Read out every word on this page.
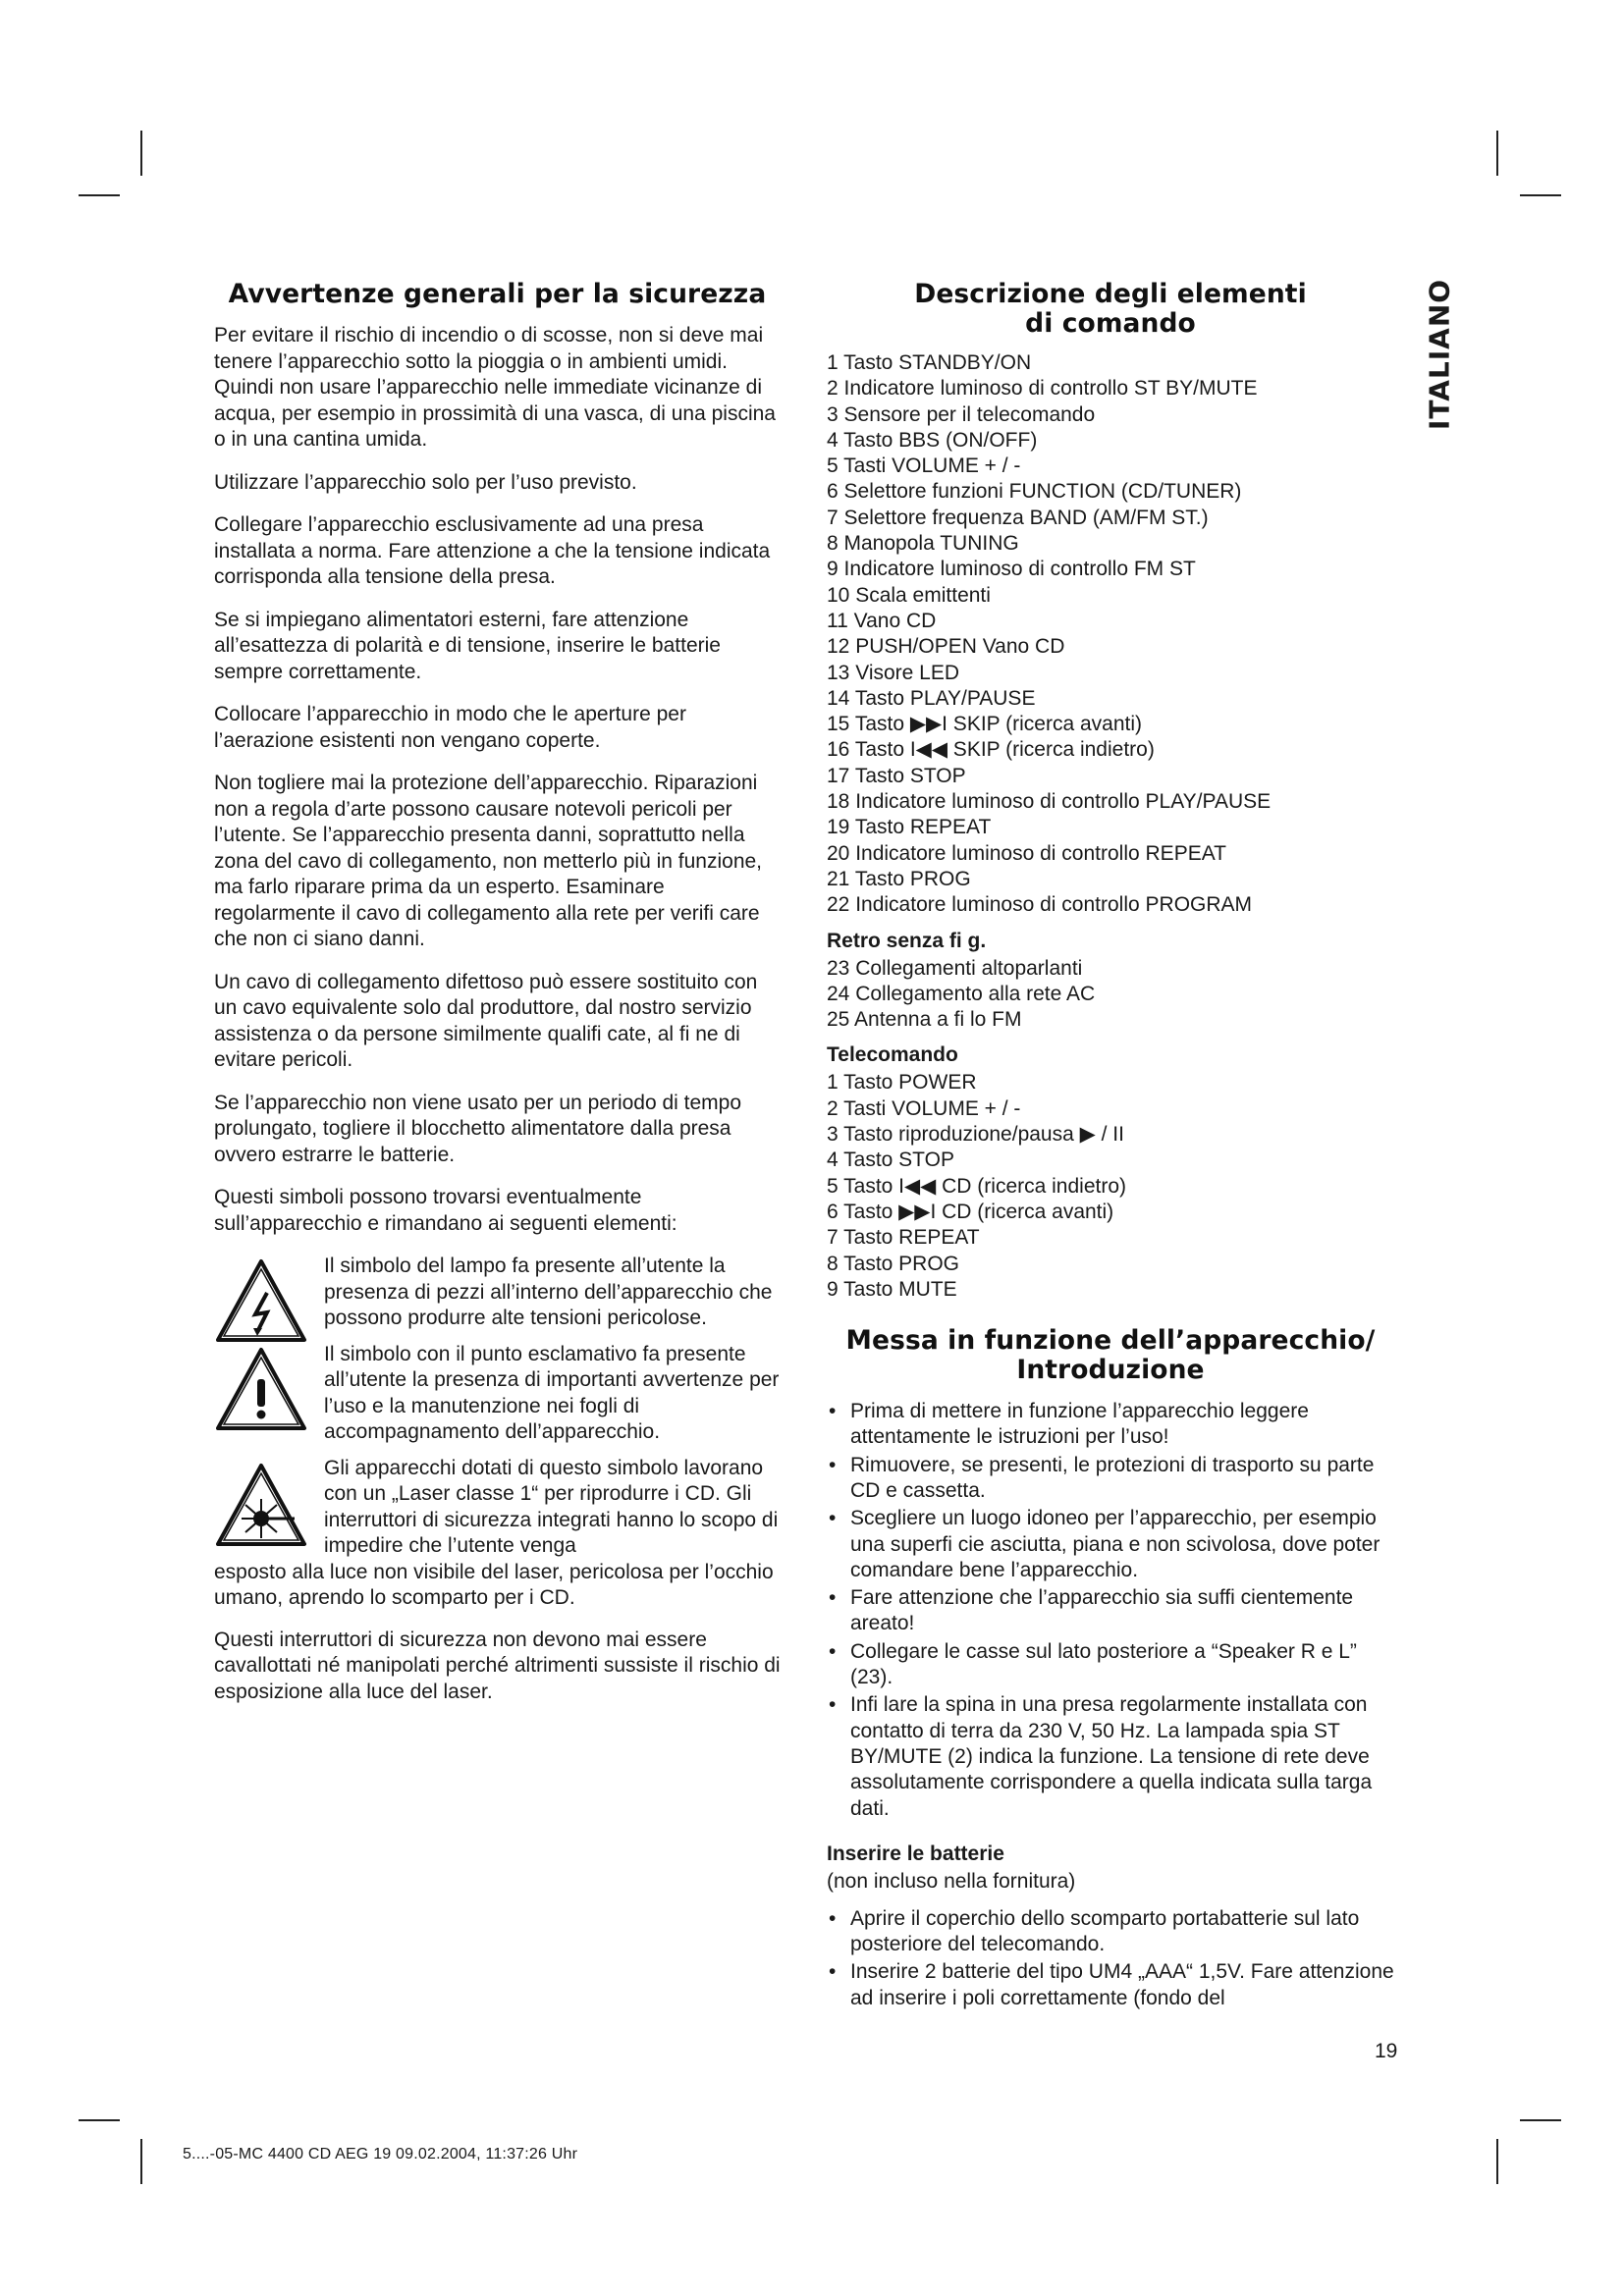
Avvertenze generali per la sicurezza

Per evitare il rischio di incendio o di scosse, non si deve mai tenere l’apparecchio sotto la pioggia o in ambienti umidi. Quindi non usare l’apparecchio nelle immediate vicinanze di acqua, per esempio in prossimità di una vasca, di una piscina o in una cantina umida.

Utilizzare l’apparecchio solo per l’uso previsto.

Collegare l’apparecchio esclusivamente ad una presa installata a norma. Fare attenzione a che la tensione indicata corrisponda alla tensione della presa.

Se si impiegano alimentatori esterni, fare attenzione all’esattezza di polarità e di tensione, inserire le batterie sempre correttamente.

Collocare l’apparecchio in modo che le aperture per l’aerazione esistenti non vengano coperte.

Non togliere mai la protezione dell’apparecchio. Riparazioni non a regola d’arte possono causare notevoli pericoli per l’utente. Se l’apparecchio presenta danni, soprattutto nella zona del cavo di collegamento, non metterlo più in funzione, ma farlo riparare prima da un esperto. Esaminare regolarmente il cavo di collegamento alla rete per verifi care che non ci siano danni.

Un cavo di collegamento difettoso può essere sostituito con un cavo equivalente solo dal produttore, dal nostro servizio assistenza o da persone similmente qualifi cate, al fi ne di evitare pericoli.

Se l’apparecchio non viene usato per un periodo di tempo prolungato, togliere il blocchetto alimentatore dalla presa ovvero estrarre le batterie.

Questi simboli possono trovarsi eventualmente sull’apparecchio e rimandano ai seguenti elementi:

Il simbolo del lampo fa presente all’utente la presenza di pezzi all’interno dell’apparecchio che possono produrre alte tensioni pericolose.
Il simbolo con il punto esclamativo fa presente all’utente la presenza di importanti avvertenze per l’uso e la manutenzione nei fogli di accompagnamento dell’apparecchio.
Gli apparecchi dotati di questo simbolo lavorano con un „Laser classe 1“ per riprodurre i CD. Gli interruttori di sicurezza integrati hanno lo scopo di impedire che l’utente venga
esposto alla luce non visibile del laser, pericolosa per l’occhio umano, aprendo lo scomparto per i CD.

Questi interruttori di sicurezza non devono mai essere cavallottati né manipolati perché altrimenti sussiste il rischio di esposizione alla luce del laser.

Descrizione degli elementi
di comando
1 Tasto STANDBY/ON
2 Indicatore luminoso di controllo ST BY/MUTE
3 Sensore per il telecomando
4 Tasto BBS (ON/OFF)
5 Tasti VOLUME + / -
6 Selettore funzioni FUNCTION (CD/TUNER)
7 Selettore frequenza BAND (AM/FM ST.)
8 Manopola TUNING
9 Indicatore luminoso di controllo FM ST
10 Scala emittenti
11 Vano CD
12 PUSH/OPEN Vano CD
13 Visore LED
14 Tasto PLAY/PAUSE
15 Tasto ▶▶I SKIP (ricerca avanti)
16 Tasto I◀◀ SKIP (ricerca indietro)
17 Tasto STOP
18 Indicatore luminoso di controllo PLAY/PAUSE
19 Tasto REPEAT
20 Indicatore luminoso di controllo REPEAT
21 Tasto PROG
22 Indicatore luminoso di controllo PROGRAM
Retro senza fi g.
23 Collegamenti altoparlanti
24 Collegamento alla rete AC
25 Antenna a fi lo FM
Telecomando
1 Tasto POWER
2 Tasti VOLUME + / -
3 Tasto riproduzione/pausa ▶ / II
4 Tasto STOP
5 Tasto I◀◀ CD (ricerca indietro)
6 Tasto ▶▶I CD (ricerca avanti)
7 Tasto REPEAT
8 Tasto PROG
9 Tasto MUTE
Messa in funzione dell’apparecchio/
Introduzione
• Prima di mettere in funzione l’apparecchio leggere attentamente le istruzioni per l’uso!
• Rimuovere, se presenti, le protezioni di trasporto su parte CD e cassetta.
• Scegliere un luogo idoneo per l’apparecchio, per esempio una superfi cie asciutta, piana e non scivolosa, dove poter comandare bene l’apparecchio.
• Fare attenzione che l’apparecchio sia suffi cientemente areato!
• Collegare le casse sul lato posteriore a “Speaker R e L” (23).
• Infi lare la spina in una presa regolarmente installata con contatto di terra da 230 V, 50 Hz. La lampada spia ST BY/MUTE (2) indica la funzione. La tensione di rete deve assolutamente corrispondere a quella indicata sulla targa dati.
Inserire le batterie
(non incluso nella fornitura)
• Aprire il coperchio dello scomparto portabatterie sul lato posteriore del telecomando.
• Inserire 2 batterie del tipo UM4 „AAA“ 1,5V. Fare attenzione ad inserire i poli correttamente (fondo del
ITALIANO
19
5....-05-MC 4400 CD AEG 19 09.02.2004, 11:37:26 Uhr
